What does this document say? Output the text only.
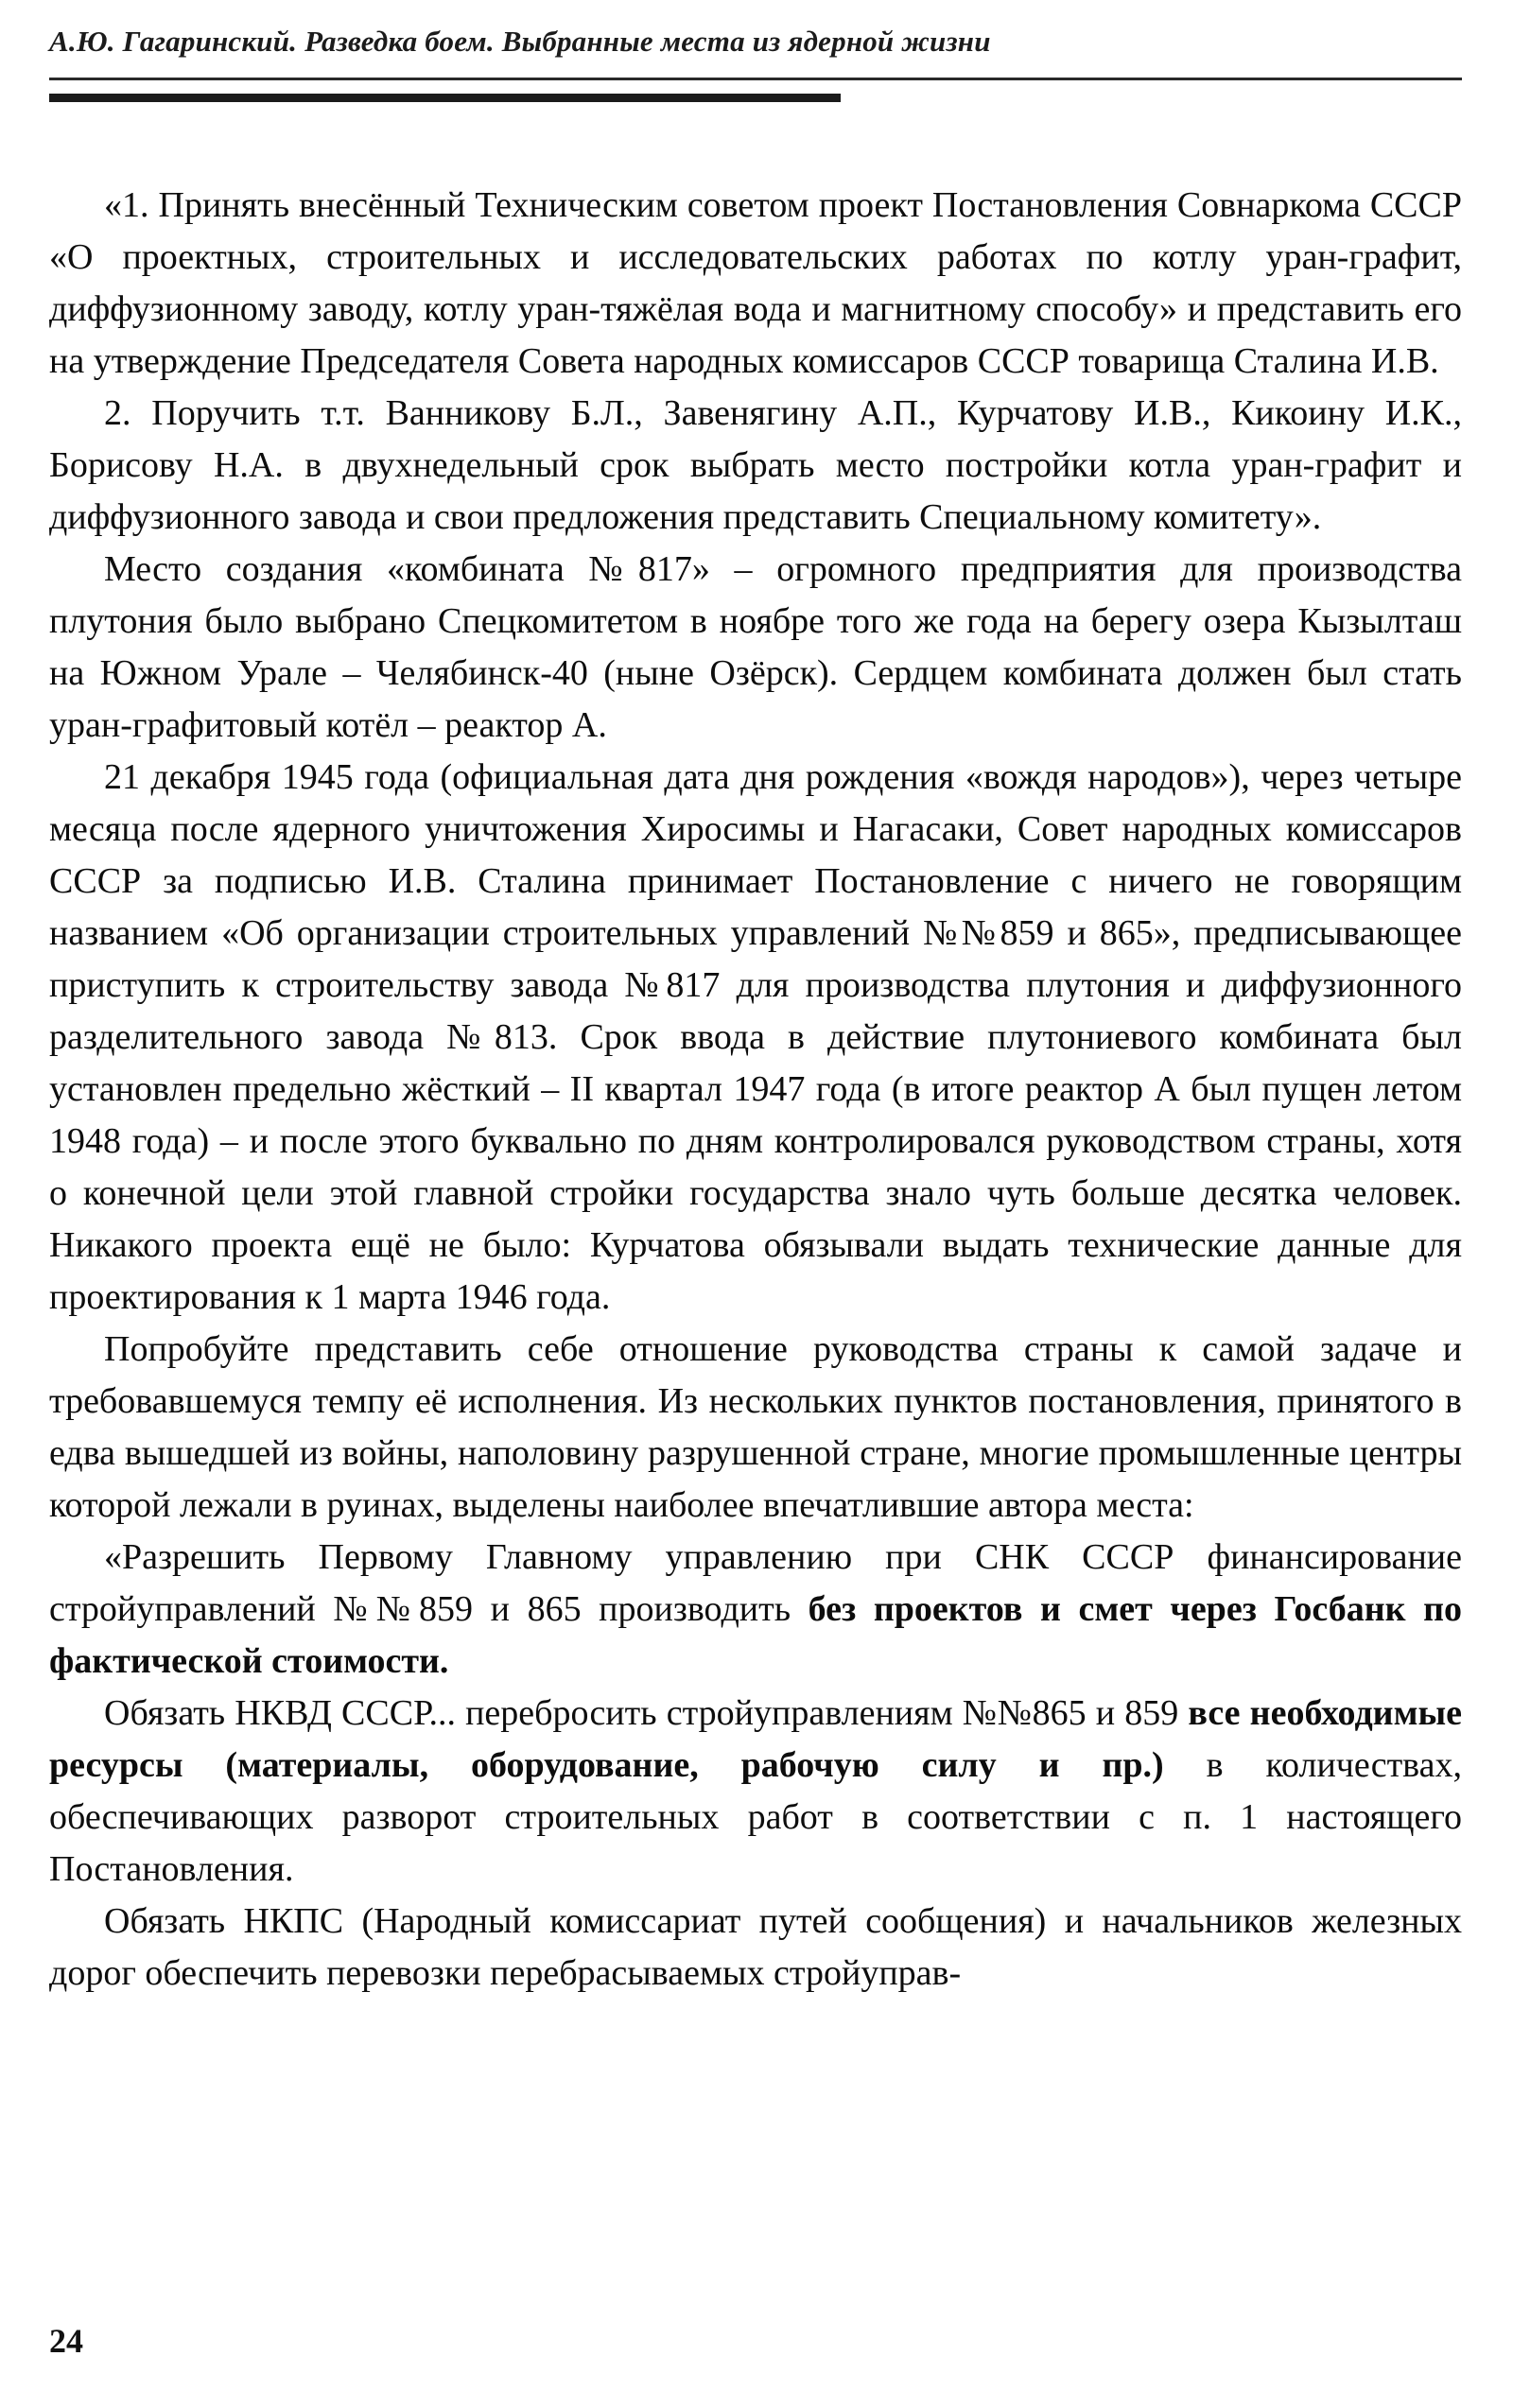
А.Ю. Гагаринский. Разведка боем. Выбранные места из ядерной жизни

«1. Принять внесённый Техническим советом проект Постановления Совнаркома СССР «О проектных, строительных и исследовательских работах по котлу уран-графит, диффузионному заводу, котлу уран-тяжёлая вода и магнитному способу» и представить его на утверждение Председателя Совета народных комиссаров СССР товарища Сталина И.В.

2. Поручить т.т. Ванникову Б.Л., Завенягину А.П., Курчатову И.В., Кикоину И.К., Борисову Н.А. в двухнедельный срок выбрать место постройки котла уран-графит и диффузионного завода и свои предложения представить Специальному комитету».

Место создания «комбината №817» – огромного предприятия для производства плутония было выбрано Спецкомитетом в ноябре того же года на берегу озера Кызылташ на Южном Урале – Челябинск-40 (ныне Озёрск). Сердцем комбината должен был стать уран-графитовый котёл – реактор А.

21 декабря 1945 года (официальная дата дня рождения «вождя народов»), через четыре месяца после ядерного уничтожения Хиросимы и Нагасаки, Совет народных комиссаров СССР за подписью И.В. Сталина принимает Постановление с ничего не говорящим названием «Об организации строительных управлений №№859 и 865», предписывающее приступить к строительству завода №817 для производства плутония и диффузионного разделительного завода №813. Срок ввода в действие плутониевого комбината был установлен предельно жёсткий – II квартал 1947 года (в итоге реактор А был пущен летом 1948 года) – и после этого буквально по дням контролировался руководством страны, хотя о конечной цели этой главной стройки государства знало чуть больше десятка человек. Никакого проекта ещё не было: Курчатова обязывали выдать технические данные для проектирования к 1 марта 1946 года.

Попробуйте представить себе отношение руководства страны к самой задаче и требовавшемуся темпу её исполнения. Из нескольких пунктов постановления, принятого в едва вышедшей из войны, наполовину разрушенной стране, многие промышленные центры которой лежали в руинах, выделены наиболее впечатлившие автора места:

«Разрешить Первому Главному управлению при СНК СССР финансирование стройуправлений №№859 и 865 производить без проектов и смет через Госбанк по фактической стоимости.

Обязать НКВД СССР... перебросить стройуправлениям №№865 и 859 все необходимые ресурсы (материалы, оборудование, рабочую силу и пр.) в количествах, обеспечивающих разворот строительных работ в соответствии с п. 1 настоящего Постановления.

Обязать НКПС (Народный комиссариат путей сообщения) и начальников железных дорог обеспечить перевозки перебрасываемых стройуправ-

24
